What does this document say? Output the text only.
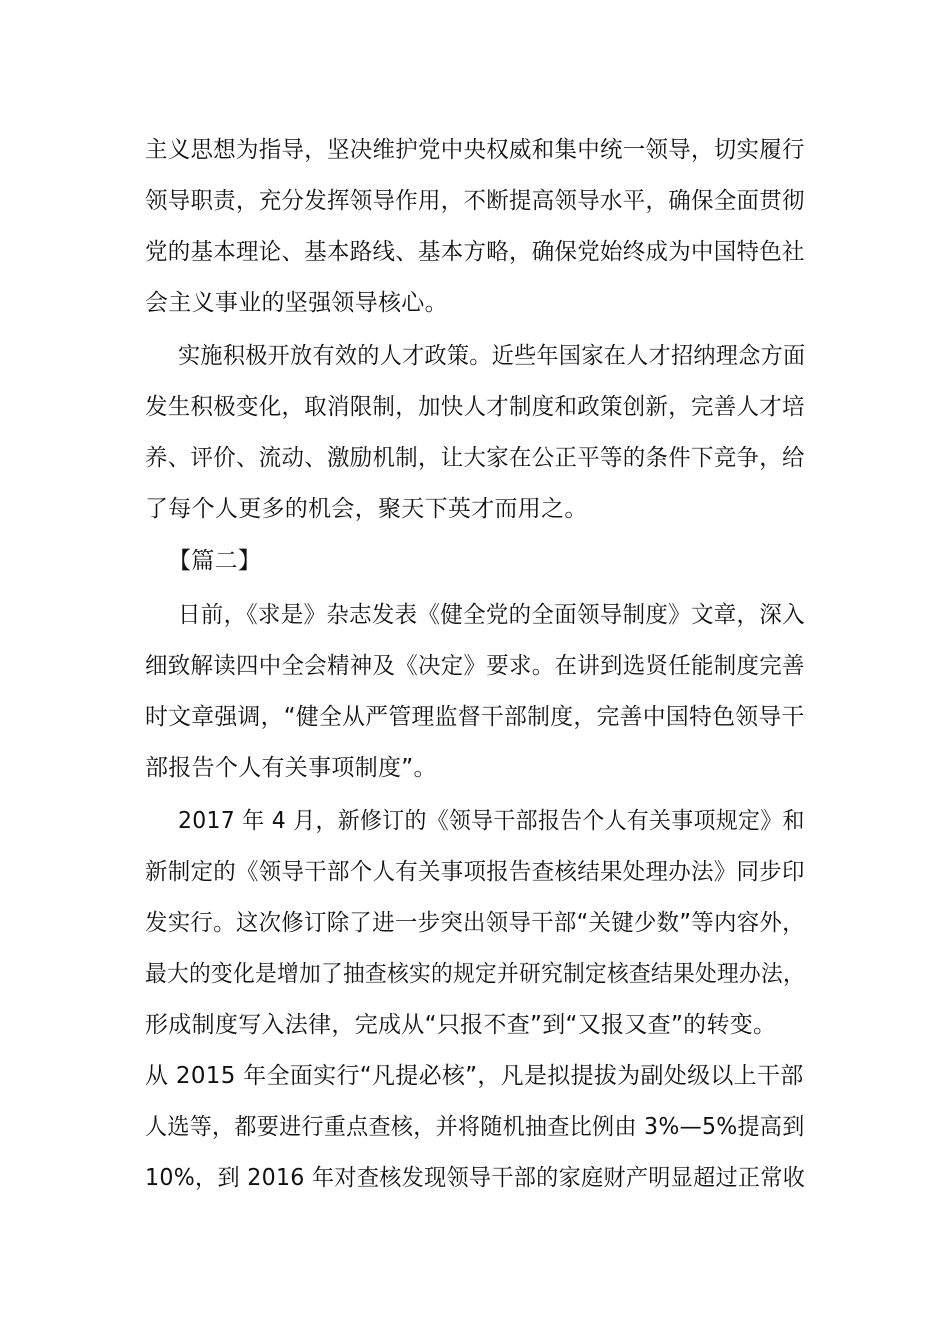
主义思想为指导，坚决维护党中央权威和集中统一领导，切实履行
领导职责，充分发挥领导作用，不断提高领导水平，确保全面贯彻
党的基本理论、基本路线、基本方略，确保党始终成为中国特色社
会主义事业的坚强领导核心。
实施积极开放有效的人才政策。近些年国家在人才招纳理念方面
发生积极变化，取消限制，加快人才制度和政策创新，完善人才培
养、评价、流动、激励机制，让大家在公正平等的条件下竞争，给
了每个人更多的机会，聚天下英才而用之。
【篇二】
日前，《求是》杂志发表《健全党的全面领导制度》文章，深入
细致解读四中全会精神及《决定》要求。在讲到选贤任能制度完善
时文章强调，“健全从严管理监督干部制度，完善中国特色领导干
部报告个人有关事项制度”。
2017 年 4 月，新修订的《领导干部报告个人有关事项规定》和
新制定的《领导干部个人有关事项报告查核结果处理办法》同步印
发实行。这次修订除了进一步突出领导干部“关键少数”等内容外，
最大的变化是增加了抽查核实的规定并研究制定核查结果处理办法，
形成制度写入法律，完成从“只报不查”到“又报又查”的转变。
从 2015 年全面实行“凡提必核”，凡是拟提拔为副处级以上干部
人选等，都要进行重点查核，并将随机抽查比例由 3%—5%提高到
10%，到 2016 年对查核发现领导干部的家庭财产明显超过正常收
